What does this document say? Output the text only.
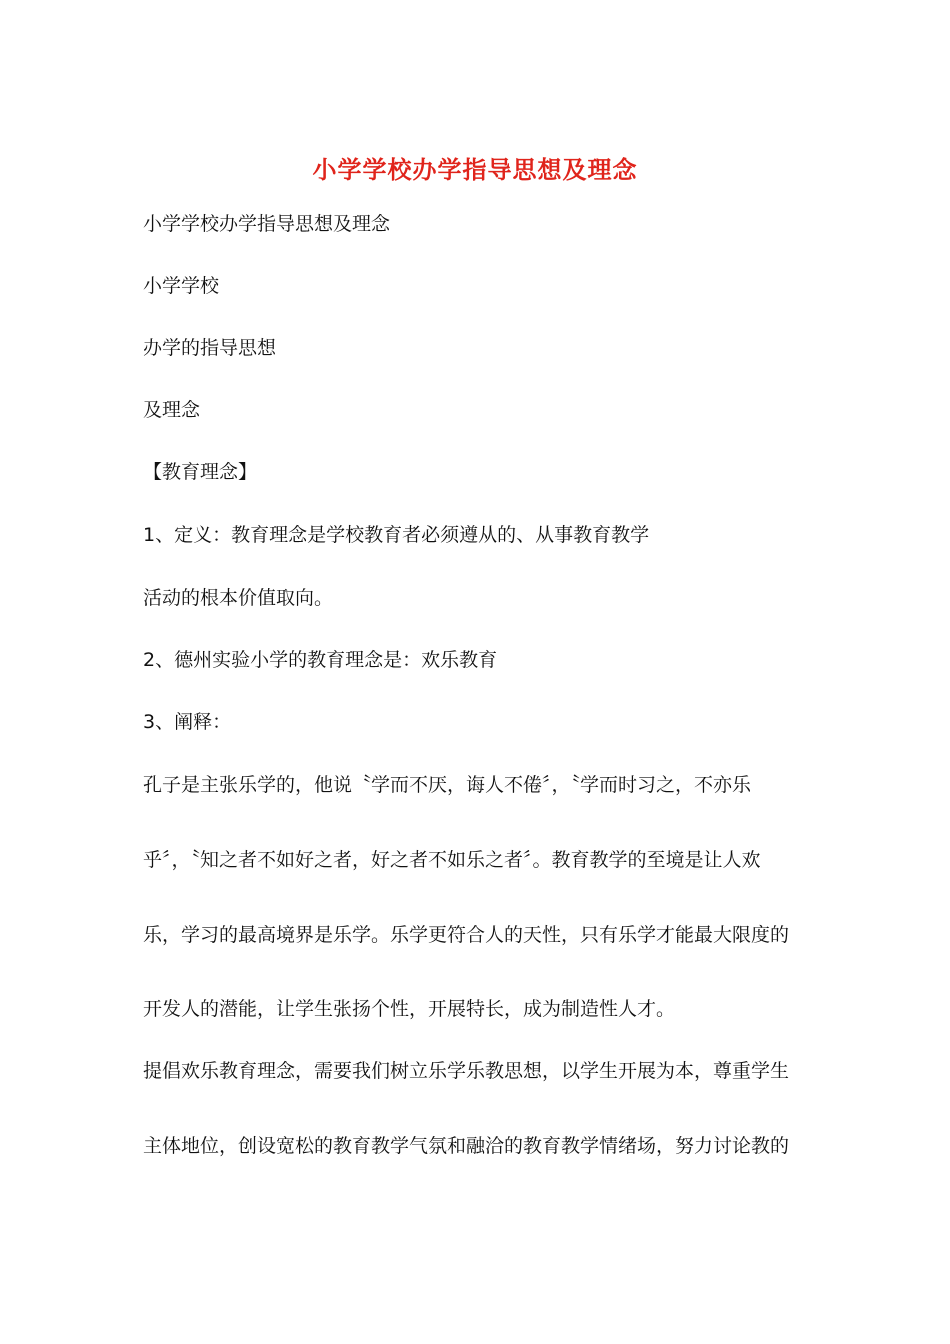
小学学校办学指导思想及理念
小学学校办学指导思想及理念
小学学校
办学的指导思想
及理念
【教育理念】
1、定义：教育理念是学校教育者必须遵从的、从事教育教学
活动的根本价值取向。
2、德州实验小学的教育理念是：欢乐教育
3、阐释：
孔子是主张乐学的，他说〝学而不厌，诲人不倦〞，〝学而时习之，不亦乐
乎〞，〝知之者不如好之者，好之者不如乐之者〞。教育教学的至境是让人欢
乐，学习的最高境界是乐学。乐学更符合人的天性，只有乐学才能最大限度的
开发人的潜能，让学生张扬个性，开展特长，成为制造性人才。
提倡欢乐教育理念，需要我们树立乐学乐教思想，以学生开展为本，尊重学生
主体地位，创设宽松的教育教学气氛和融洽的教育教学情绪场，努力讨论教的
